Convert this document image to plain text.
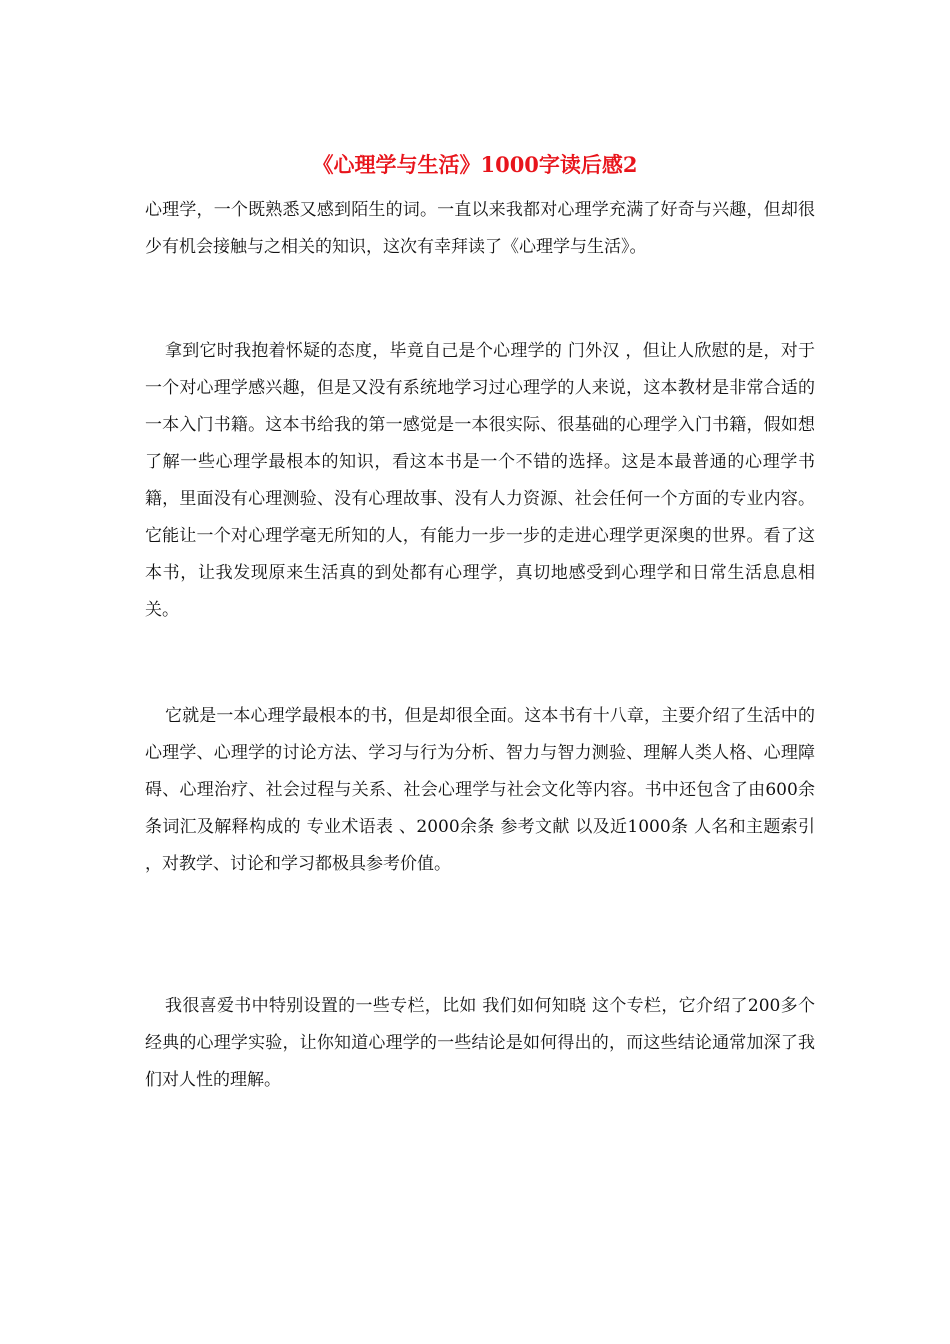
《心理学与生活》1000字读后感2

心理学，一个既熟悉又感到陌生的词。一直以来我都对心理学充满了好奇与兴趣，但却很少有机会接触与之相关的知识，这次有幸拜读了《心理学与生活》。

拿到它时我抱着怀疑的态度，毕竟自己是个心理学的 门外汉 ，但让人欣慰的是，对于一个对心理学感兴趣，但是又没有系统地学习过心理学的人来说，这本教材是非常合适的一本入门书籍。这本书给我的第一感觉是一本很实际、很基础的心理学入门书籍，假如想了解一些心理学最根本的知识，看这本书是一个不错的选择。这是本最普通的心理学书籍，里面没有心理测验、没有心理故事、没有人力资源、社会任何一个方面的专业内容。它能让一个对心理学毫无所知的人，有能力一步一步的走进心理学更深奥的世界。看了这本书，让我发现原来生活真的到处都有心理学，真切地感受到心理学和日常生活息息相关。

它就是一本心理学最根本的书，但是却很全面。这本书有十八章，主要介绍了生活中的心理学、心理学的讨论方法、学习与行为分析、智力与智力测验、理解人类人格、心理障碍、心理治疗、社会过程与关系、社会心理学与社会文化等内容。书中还包含了由600余条词汇及解释构成的 专业术语表 、2000余条 参考文献 以及近1000条 人名和主题索引 ，对教学、讨论和学习都极具参考价值。

我很喜爱书中特别设置的一些专栏，比如 我们如何知晓 这个专栏，它介绍了200多个经典的心理学实验，让你知道心理学的一些结论是如何得出的，而这些结论通常加深了我们对人性的理解。
